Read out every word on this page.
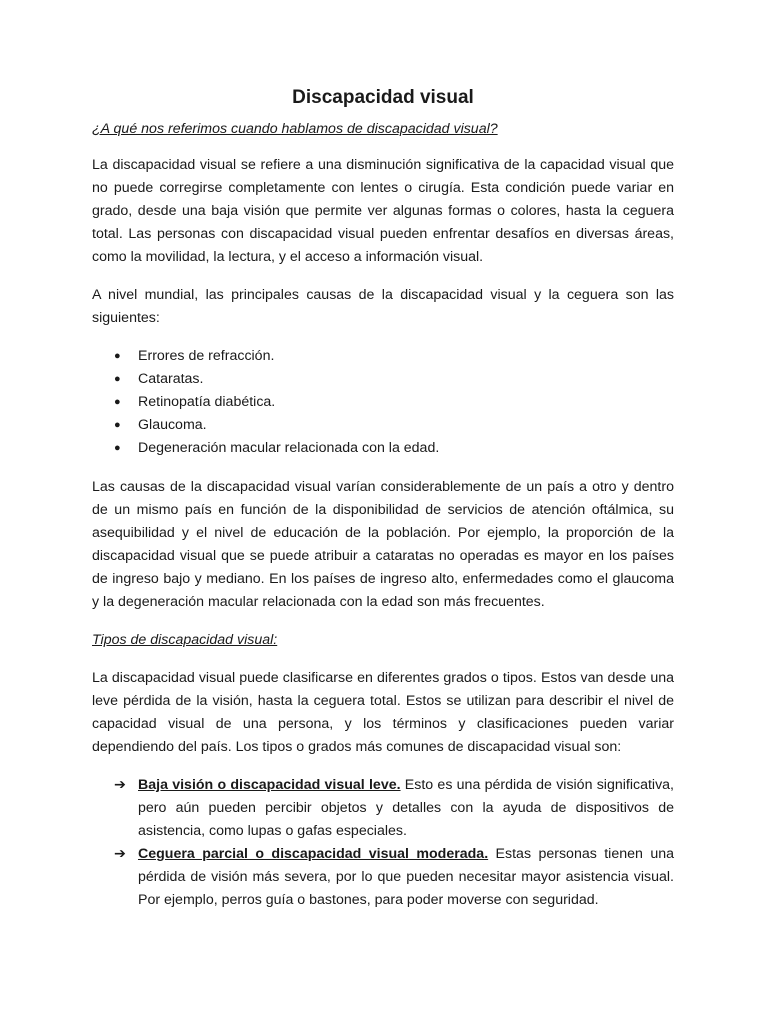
Discapacidad visual
¿A qué nos referimos cuando hablamos de discapacidad visual?

La discapacidad visual se refiere a una disminución significativa de la capacidad visual que no puede corregirse completamente con lentes o cirugía. Esta condición puede variar en grado, desde una baja visión que permite ver algunas formas o colores, hasta la ceguera total. Las personas con discapacidad visual pueden enfrentar desafíos en diversas áreas, como la movilidad, la lectura, y el acceso a información visual.

A nivel mundial, las principales causas de la discapacidad visual y la ceguera son las siguientes:

● Errores de refracción.
● Cataratas.
● Retinopatía diabética.
● Glaucoma.
● Degeneración macular relacionada con la edad.

Las causas de la discapacidad visual varían considerablemente de un país a otro y dentro de un mismo país en función de la disponibilidad de servicios de atención oftálmica, su asequibilidad y el nivel de educación de la población. Por ejemplo, la proporción de la discapacidad visual que se puede atribuir a cataratas no operadas es mayor en los países de ingreso bajo y mediano. En los países de ingreso alto, enfermedades como el glaucoma y la degeneración macular relacionada con la edad son más frecuentes.

Tipos de discapacidad visual:

La discapacidad visual puede clasificarse en diferentes grados o tipos. Estos van desde una leve pérdida de la visión, hasta la ceguera total. Estos se utilizan para describir el nivel de capacidad visual de una persona, y los términos y clasificaciones pueden variar dependiendo del país. Los tipos o grados más comunes de discapacidad visual son:

➔ Baja visión o discapacidad visual leve. Esto es una pérdida de visión significativa, pero aún pueden percibir objetos y detalles con la ayuda de dispositivos de asistencia, como lupas o gafas especiales.
➔ Ceguera parcial o discapacidad visual moderada. Estas personas tienen una pérdida de visión más severa, por lo que pueden necesitar mayor asistencia visual. Por ejemplo, perros guía o bastones, para poder moverse con seguridad.
